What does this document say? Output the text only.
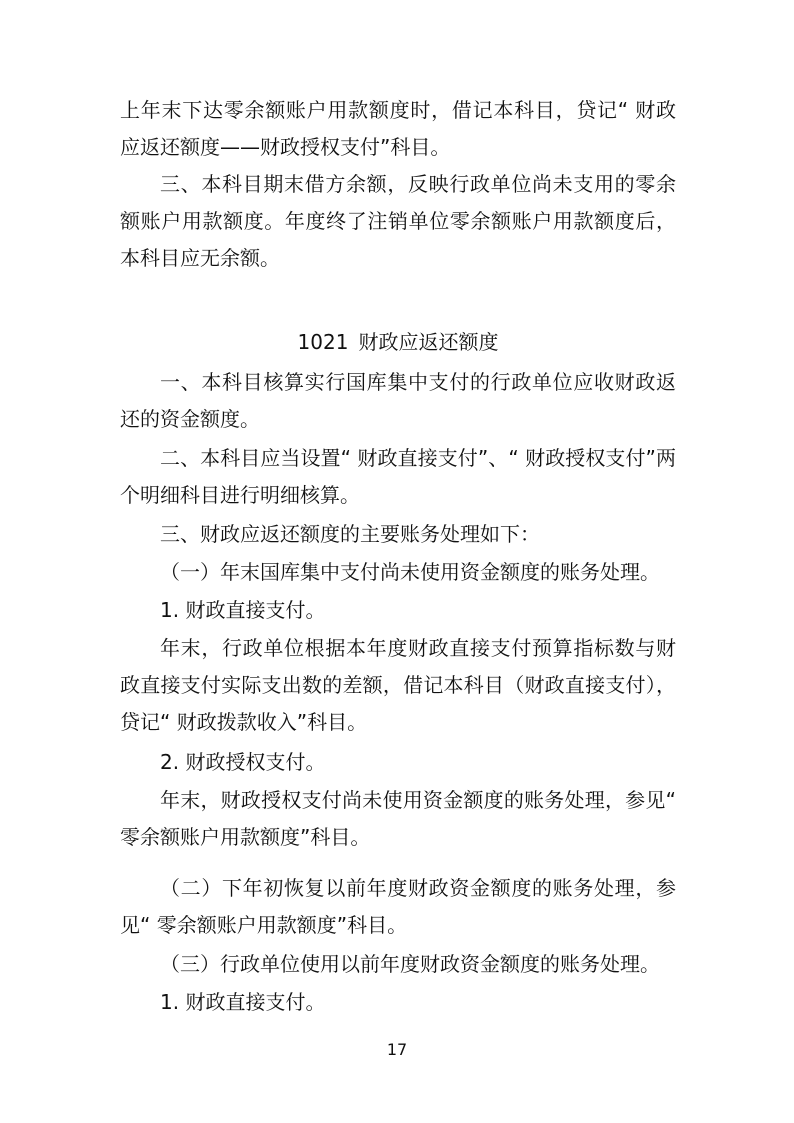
上年末下达零余额账户用款额度时，借记本科目，贷记“ 财政应返还额度——财政授权支付”科目。
三、本科目期末借方余额，反映行政单位尚未支用的零余额账户用款额度。年度终了注销单位零余额账户用款额度后，本科目应无余额。
1021 财政应返还额度
一、本科目核算实行国库集中支付的行政单位应收财政返还的资金额度。
二、本科目应当设置“ 财政直接支付”、“ 财政授权支付”两个明细科目进行明细核算。
三、财政应返还额度的主要账务处理如下：
（一）年末国库集中支付尚未使用资金额度的账务处理。
1. 财政直接支付。
年末，行政单位根据本年度财政直接支付预算指标数与财政直接支付实际支出数的差额，借记本科目（财政直接支付），贷记“ 财政拨款收入”科目。
2. 财政授权支付。
年末，财政授权支付尚未使用资金额度的账务处理，参见“ 零余额账户用款额度”科目。
（二）下年初恢复以前年度财政资金额度的账务处理，参见“ 零余额账户用款额度”科目。
（三）行政单位使用以前年度财政资金额度的账务处理。
1. 财政直接支付。
17
